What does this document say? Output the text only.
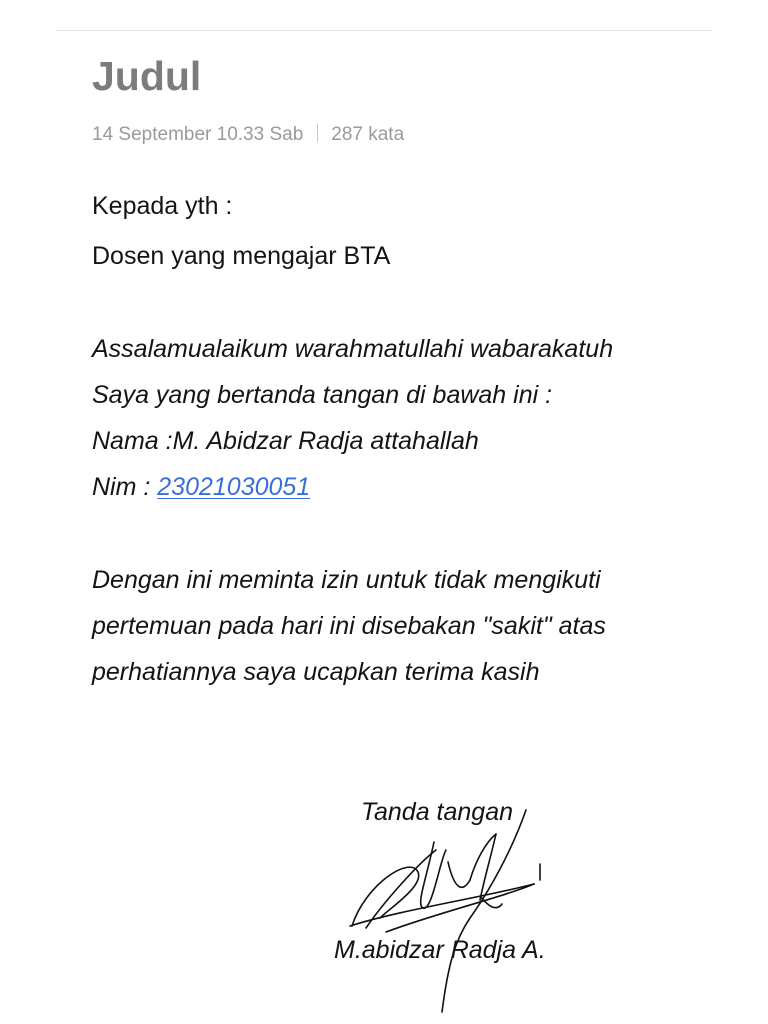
Judul
14 September 10.33 Sab 287 kata
Kepada yth :
Dosen yang mengajar BTA
Assalamualaikum warahmatullahi wabarakatuh
Saya yang bertanda tangan di bawah ini :
Nama :M. Abidzar Radja attahallah
Nim : 23021030051
Dengan ini meminta izin untuk tidak mengikuti
pertemuan pada hari ini disebakan "sakit" atas
perhatiannya saya ucapkan terima kasih
Tanda tangan
M.abidzar Radja A.
